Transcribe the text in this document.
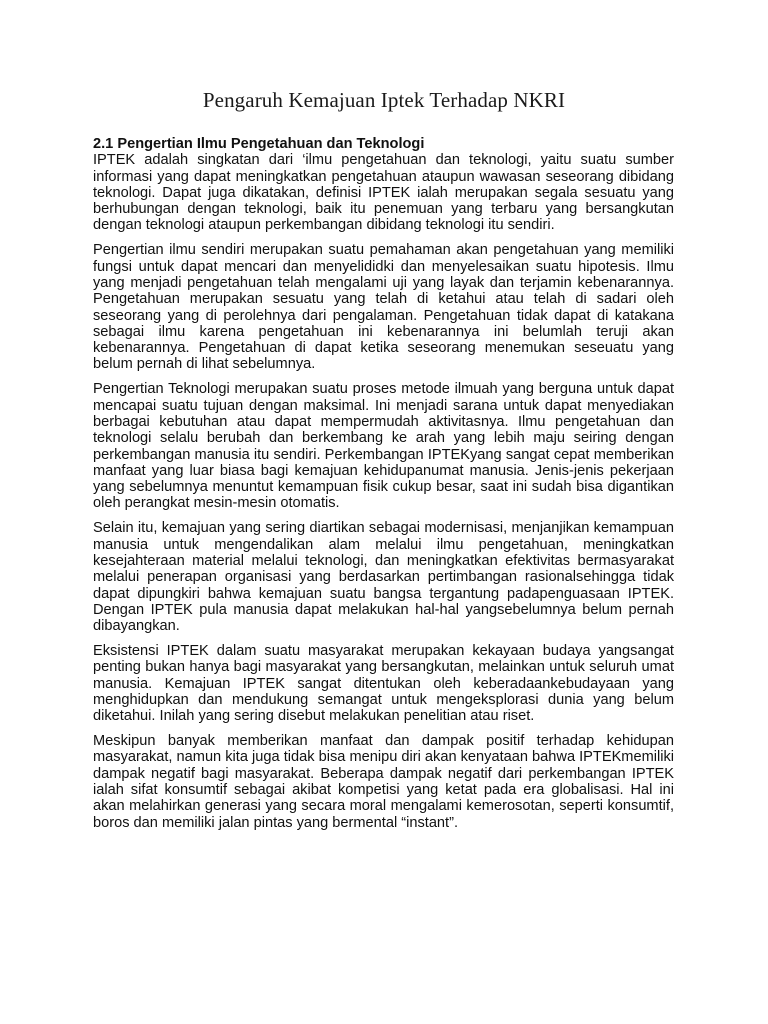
Pengaruh Kemajuan Iptek Terhadap NKRI

2.1 Pengertian Ilmu Pengetahuan dan Teknologi

IPTEK adalah singkatan dari ‘ilmu pengetahuan dan teknologi, yaitu suatu sumber informasi yang dapat meningkatkan pengetahuan ataupun wawasan seseorang dibidang teknologi. Dapat juga dikatakan, definisi IPTEK ialah merupakan segala sesuatu yang berhubungan dengan teknologi, baik itu penemuan yang terbaru yang bersangkutan dengan teknologi ataupun perkembangan dibidang teknologi itu sendiri.

Pengertian ilmu sendiri merupakan suatu pemahaman akan pengetahuan yang memiliki fungsi untuk dapat mencari dan menyelididki dan menyelesaikan suatu hipotesis. Ilmu yang menjadi pengetahuan telah mengalami uji yang layak dan terjamin kebenarannya. Pengetahuan merupakan sesuatu yang telah di ketahui atau telah di sadari oleh seseorang yang di perolehnya dari pengalaman. Pengetahuan tidak dapat di katakana sebagai ilmu karena pengetahuan ini kebenarannya ini belumlah teruji akan kebenarannya. Pengetahuan di dapat ketika seseorang menemukan seseuatu yang belum pernah di lihat sebelumnya.

Pengertian Teknologi merupakan suatu proses metode ilmuah yang berguna untuk dapat mencapai suatu tujuan dengan maksimal. Ini menjadi sarana untuk dapat menyediakan berbagai kebutuhan atau dapat mempermudah aktivitasnya. Ilmu pengetahuan dan teknologi selalu berubah dan berkembang ke arah yang lebih maju seiring dengan perkembangan manusia itu sendiri. Perkembangan IPTEKyang sangat cepat memberikan manfaat yang luar biasa bagi kemajuan kehidupanumat manusia. Jenis-jenis pekerjaan yang sebelumnya menuntut kemampuan fisik cukup besar, saat ini sudah bisa digantikan oleh perangkat mesin-mesin otomatis.

Selain itu, kemajuan yang sering diartikan sebagai modernisasi, menjanjikan kemampuan manusia untuk mengendalikan alam melalui ilmu pengetahuan, meningkatkan kesejahteraan material melalui teknologi, dan meningkatkan efektivitas bermasyarakat melalui penerapan organisasi yang berdasarkan pertimbangan rasionalsehingga tidak dapat dipungkiri bahwa kemajuan suatu bangsa tergantung padapenguasaan IPTEK. Dengan IPTEK pula manusia dapat melakukan hal-hal yangsebelumnya belum pernah dibayangkan.

Eksistensi IPTEK dalam suatu masyarakat merupakan kekayaan budaya yangsangat penting bukan hanya bagi masyarakat yang bersangkutan, melainkan untuk seluruh umat manusia. Kemajuan IPTEK sangat ditentukan oleh keberadaankebudayaan yang menghidupkan dan mendukung semangat untuk mengeksplorasi dunia yang belum diketahui. Inilah yang sering disebut melakukan penelitian atau riset.

Meskipun banyak memberikan manfaat dan dampak positif terhadap kehidupan masyarakat, namun kita juga tidak bisa menipu diri akan kenyataan bahwa IPTEKmemiliki dampak negatif bagi masyarakat. Beberapa dampak negatif dari perkembangan IPTEK ialah sifat konsumtif sebagai akibat kompetisi yang ketat pada era globalisasi. Hal ini akan melahirkan generasi yang secara moral mengalami kemerosotan, seperti konsumtif, boros dan memiliki jalan pintas yang bermental “instant”.
